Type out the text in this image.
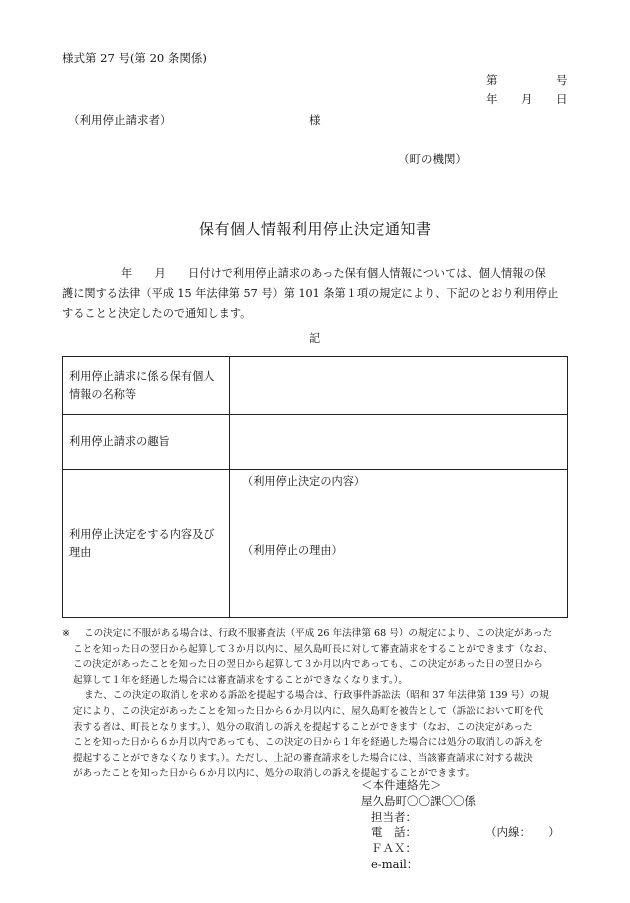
様式第 27 号(第 20 条関係)
第	号
年 月 日
（利用停止請求者）	様
（町の機関）
保有個人情報利用停止決定通知書
年　　月　　日付けで利用停止請求のあった保有個人情報については、個人情報の保
護に関する法律（平成 15 年法律第 57 号）第 101 条第１項の規定により、下記のとおり利用停止
することと決定したので通知します。
記
利用停止請求に係る保有個人情報の名称等	
利用停止請求の趣旨	
利用停止決定をする内容及び理由	（利用停止決定の内容）
（利用停止の理由）
※ この決定に不服がある場合は、行政不服審査法（平成 26 年法律第 68 号）の規定により、この決定があった
ことを知った日の翌日から起算して３か月以内に、屋久島町長に対して審査請求をすることができます（なお、
この決定があったことを知った日の翌日から起算して３か月以内であっても、この決定があった日の翌日から
起算して１年を経過した場合には審査請求をすることができなくなります。）。
また、この決定の取消しを求める訴訟を提起する場合は、行政事件訴訟法（昭和 37 年法律第 139 号）の規
定により、この決定があったことを知った日から６か月以内に、屋久島町を被告として（訴訟において町を代
表する者は、町長となります。）、処分の取消しの訴えを提起することができます（なお、この決定があった
ことを知った日から６か月以内であっても、この決定の日から１年を経過した場合には処分の取消しの訴えを
提起することができなくなります。）。ただし、上記の審査請求をした場合には、当該審査請求に対する裁決
があったことを知った日から６か月以内に、処分の取消しの訴えを提起することができます。
＜本件連絡先＞
屋久島町〇〇課〇〇係
担当者：
電　話：	（内線：　　）
ＦＡＸ：
e-mail：
